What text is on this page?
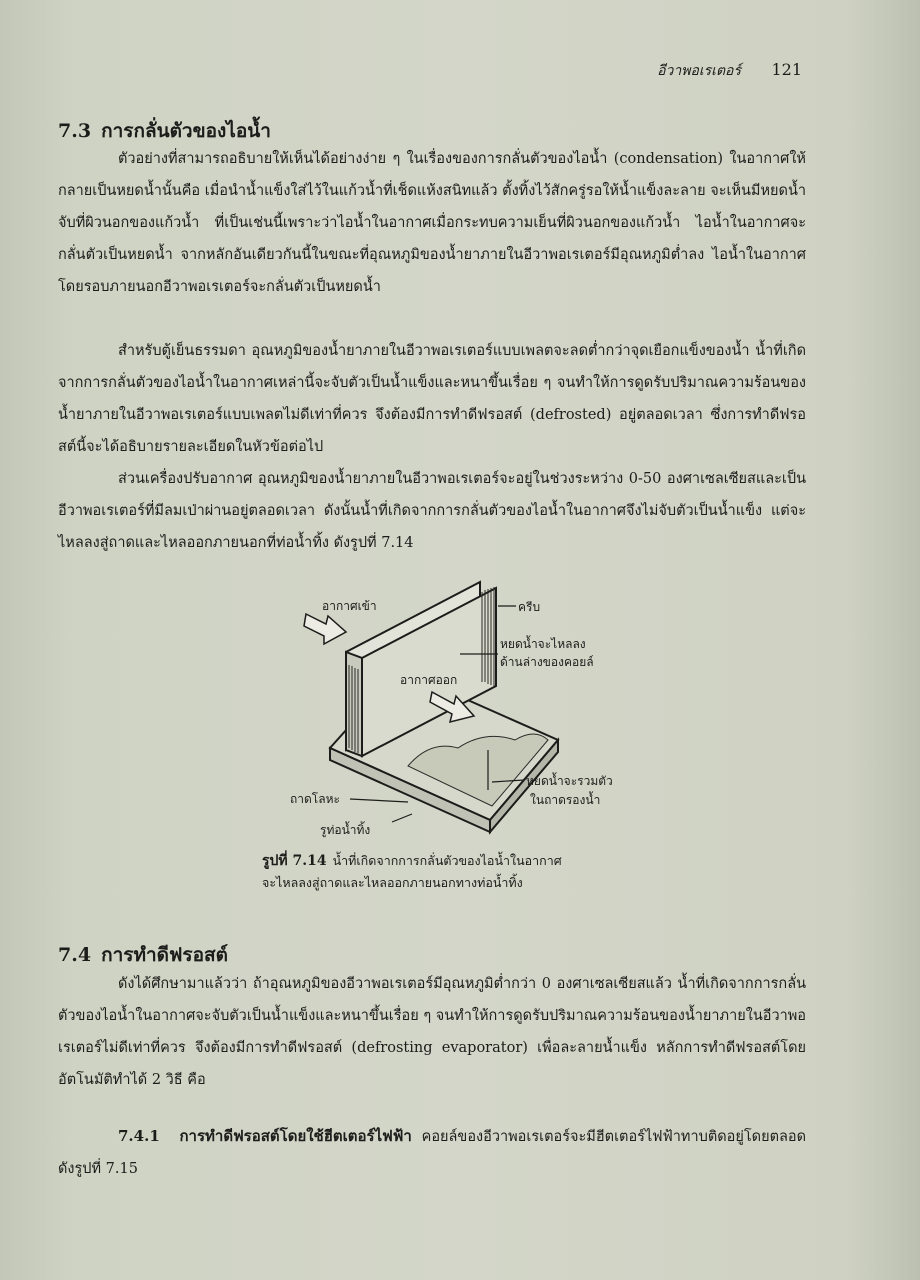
อีวาพอเรเตอร์ 121
7.3 การกลั่นตัวของไอน้ำ
ตัวอย่างที่สามารถอธิบายให้เห็นได้อย่างง่าย ๆ ในเรื่องของการกลั่นตัวของไอน้ำ (condensation) ในอากาศให้กลายเป็นหยดน้ำนั้นคือ เมื่อนำน้ำแข็งใส่ไว้ในแก้วน้ำที่เช็ดแห้งสนิทแล้ว ตั้งทิ้งไว้สักครู่รอให้น้ำแข็งละลาย จะเห็นมีหยดน้ำจับที่ผิวนอกของแก้วน้ำ ที่เป็นเช่นนี้เพราะว่าไอน้ำในอากาศเมื่อกระทบความเย็นที่ผิวนอกของแก้วน้ำ ไอน้ำในอากาศจะกลั่นตัวเป็นหยดน้ำ จากหลักอันเดียวกันนี้ในขณะที่อุณหภูมิของน้ำยาภายในอีวาพอเรเตอร์มีอุณหภูมิต่ำลง ไอน้ำในอากาศโดยรอบภายนอกอีวาพอเรเตอร์จะกลั่นตัวเป็นหยดน้ำ
สำหรับตู้เย็นธรรมดา อุณหภูมิของน้ำยาภายในอีวาพอเรเตอร์แบบเพลตจะลดต่ำกว่าจุดเยือกแข็งของน้ำ น้ำที่เกิดจากการกลั่นตัวของไอน้ำในอากาศเหล่านี้จะจับตัวเป็นน้ำแข็งและหนาขึ้นเรื่อย ๆ จนทำให้การดูดรับปริมาณความร้อนของน้ำยาภายในอีวาพอเรเตอร์แบบเพลตไม่ดีเท่าที่ควร จึงต้องมีการทำดีฟรอสต์ (defrosted) อยู่ตลอดเวลา ซึ่งการทำดีฟรอสต์นี้จะได้อธิบายรายละเอียดในหัวข้อต่อไป
ส่วนเครื่องปรับอากาศ อุณหภูมิของน้ำยาภายในอีวาพอเรเตอร์จะอยู่ในช่วงระหว่าง 0-50 องศาเซลเซียสและเป็นอีวาพอเรเตอร์ที่มีลมเป่าผ่านอยู่ตลอดเวลา ดังนั้นน้ำที่เกิดจากการกลั่นตัวของไอน้ำในอากาศจึงไม่จับตัวเป็นน้ำแข็ง แต่จะไหลลงสู่ถาดและไหลออกภายนอกที่ท่อน้ำทิ้ง ดังรูปที่ 7.14
อากาศเข้า	ครีบ
หยดน้ำจะไหลลง
ด้านล่างของคอยล์
อากาศออก
หยดน้ำจะรวมตัว
ในถาดรองน้ำ
ถาดโลหะ
รูท่อน้ำทิ้ง
รูปที่ 7.14 น้ำที่เกิดจากการกลั่นตัวของไอน้ำในอากาศ
จะไหลลงสู่ถาดและไหลออกภายนอกทางท่อน้ำทิ้ง
7.4 การทำดีฟรอสต์
ดังได้ศึกษามาแล้วว่า ถ้าอุณหภูมิของอีวาพอเรเตอร์มีอุณหภูมิต่ำกว่า 0 องศาเซลเซียสแล้ว น้ำที่เกิดจากการกลั่นตัวของไอน้ำในอากาศจะจับตัวเป็นน้ำแข็งและหนาขึ้นเรื่อย ๆ จนทำให้การดูดรับปริมาณความร้อนของน้ำยาภายในอีวาพอเรเตอร์ไม่ดีเท่าที่ควร จึงต้องมีการทำดีฟรอสต์ (defrosting evaporator) เพื่อละลายน้ำแข็ง หลักการทำดีฟรอสต์โดยอัตโนมัติทำได้ 2 วิธี คือ
7.4.1 การทำดีฟรอสต์โดยใช้ฮีตเตอร์ไฟฟ้า คอยล์ของอีวาพอเรเตอร์จะมีฮีตเตอร์ไฟฟ้าทาบติดอยู่โดยตลอด ดังรูปที่ 7.15
